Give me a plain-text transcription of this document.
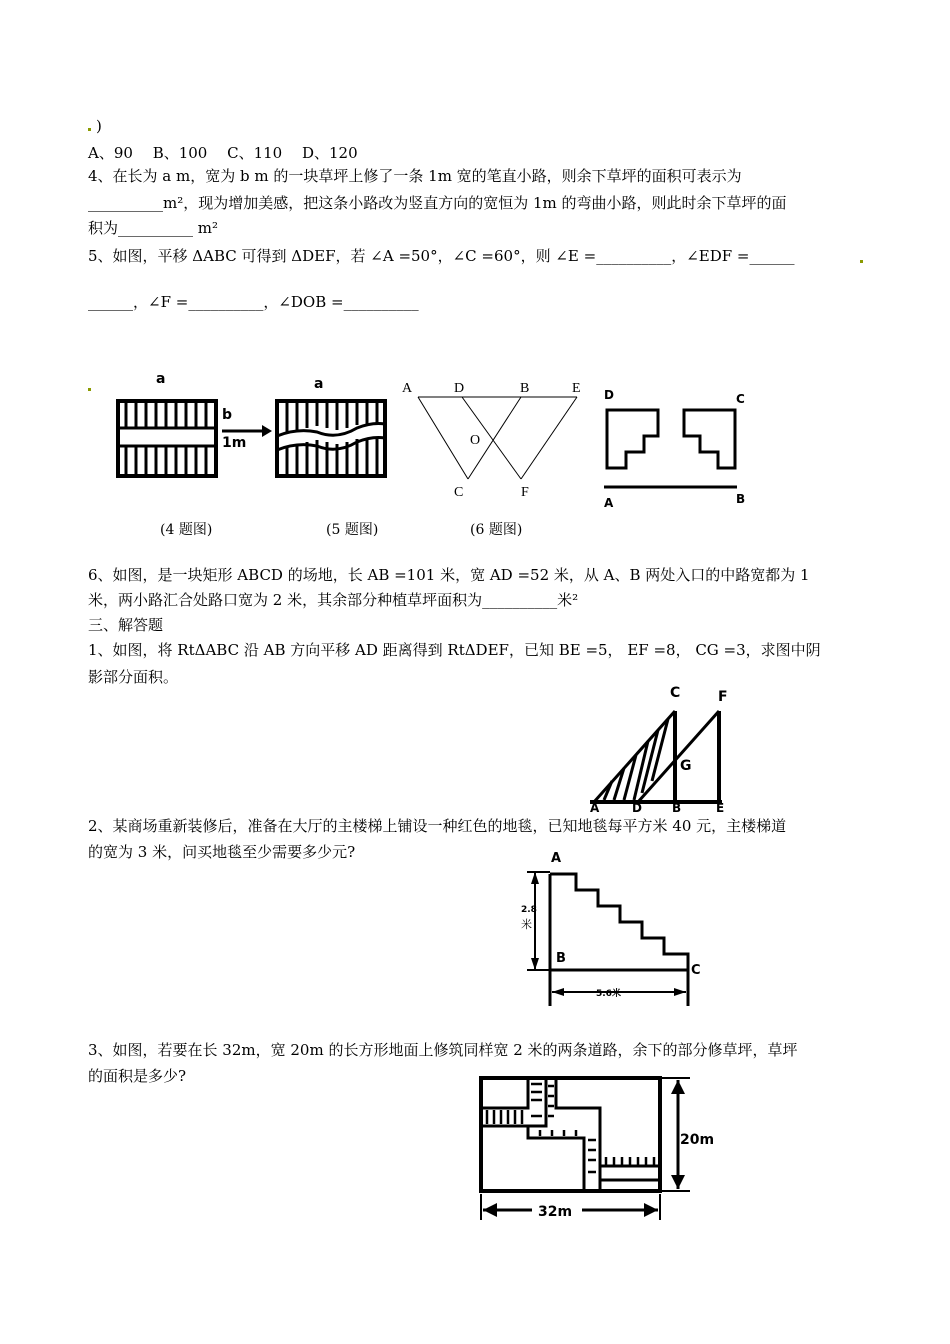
)
A、90　 B、100　 C、110　 D、120
4、在长为 a m，宽为 b m 的一块草坪上修了一条 1m 宽的笔直小路，则余下草坪的面积可表示为
__________m²，现为增加美感，把这条小路改为竖直方向的宽恒为 1m 的弯曲小路，则此时余下草坪的面
积为__________ m²
5、如图，平移 ΔABC 可得到 ΔDEF，若 ∠A =50°，∠C =60°，则 ∠E =__________，∠EDF =______
______，∠F =__________，∠DOB =__________
a
b
1m
a	A	D	B	E
O
C	F
D	C
A	B
C	F
G
A	D	B	E
A
2.8
米
B
C
5.6米
20m
32m
(4 题图)	(5 题图)	(6 题图)
6、如图，是一块矩形 ABCD 的场地，长 AB =101 米，宽 AD =52 米，从 A、B 两处入口的中路宽都为 1
米，两小路汇合处路口宽为 2 米，其余部分种植草坪面积为__________米²
三、解答题
1、如图，将 RtΔABC 沿 AB 方向平移 AD 距离得到 RtΔDEF，已知 BE =5， EF =8， CG =3，求图中阴
影部分面积。
2、某商场重新装修后，准备在大厅的主楼梯上铺设一种红色的地毯，已知地毯每平方米 40 元，主楼梯道
的宽为 3 米，问买地毯至少需要多少元?
3、如图，若要在长 32m，宽 20m 的长方形地面上修筑同样宽 2 米的两条道路，余下的部分修草坪，草坪
的面积是多少?
